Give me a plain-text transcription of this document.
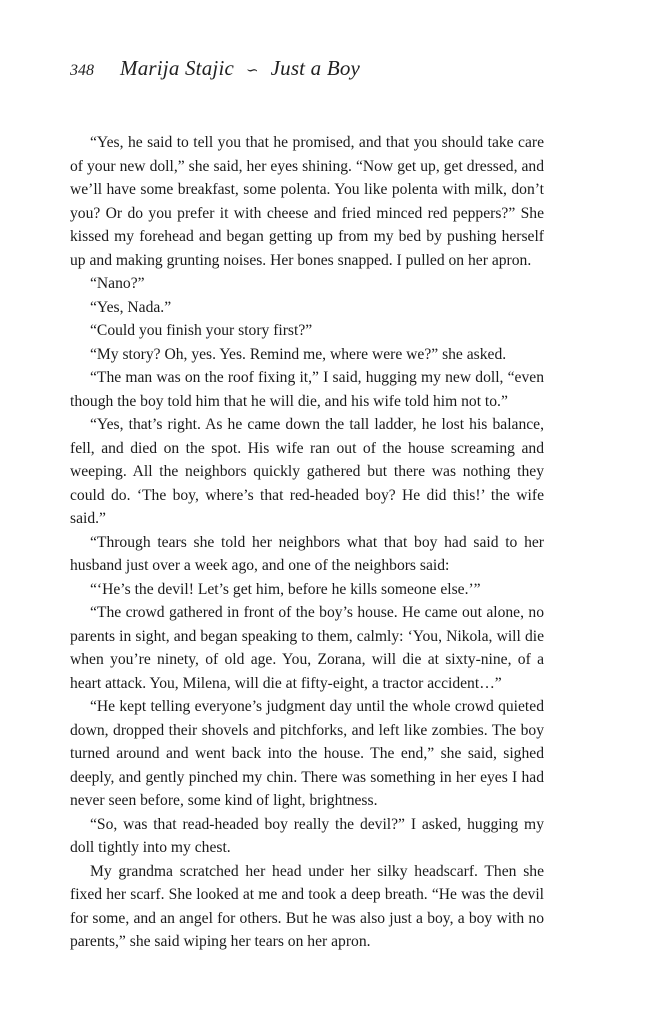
348 Marija Stajic ∽ Just a Boy

“Yes, he said to tell you that he promised, and that you should take care of your new doll,” she said, her eyes shining. “Now get up, get dressed, and we’ll have some breakfast, some polenta. You like polenta with milk, don’t you? Or do you prefer it with cheese and fried minced red peppers?” She kissed my forehead and began getting up from my bed by pushing herself up and making grunting noises. Her bones snapped. I pulled on her apron.

“Nano?”

“Yes, Nada.”

“Could you finish your story first?”

“My story? Oh, yes. Yes. Remind me, where were we?” she asked.

“The man was on the roof fixing it,” I said, hugging my new doll, “even though the boy told him that he will die, and his wife told him not to.”

“Yes, that’s right. As he came down the tall ladder, he lost his balance, fell, and died on the spot. His wife ran out of the house screaming and weeping. All the neighbors quickly gathered but there was nothing they could do. ‘The boy, where’s that red-headed boy? He did this!’ the wife said.”

“Through tears she told her neighbors what that boy had said to her husband just over a week ago, and one of the neighbors said:

“‘He’s the devil! Let’s get him, before he kills someone else.’”

“The crowd gathered in front of the boy’s house. He came out alone, no parents in sight, and began speaking to them, calmly: ‘You, Nikola, will die when you’re ninety, of old age. You, Zorana, will die at sixty-nine, of a heart attack. You, Milena, will die at fifty-eight, a tractor accident…”

“He kept telling everyone’s judgment day until the whole crowd quieted down, dropped their shovels and pitchforks, and left like zombies. The boy turned around and went back into the house. The end,” she said, sighed deeply, and gently pinched my chin. There was something in her eyes I had never seen before, some kind of light, brightness.

“So, was that read-headed boy really the devil?” I asked, hugging my doll tightly into my chest.

My grandma scratched her head under her silky headscarf. Then she fixed her scarf. She looked at me and took a deep breath. “He was the devil for some, and an angel for others. But he was also just a boy, a boy with no parents,” she said wiping her tears on her apron.
